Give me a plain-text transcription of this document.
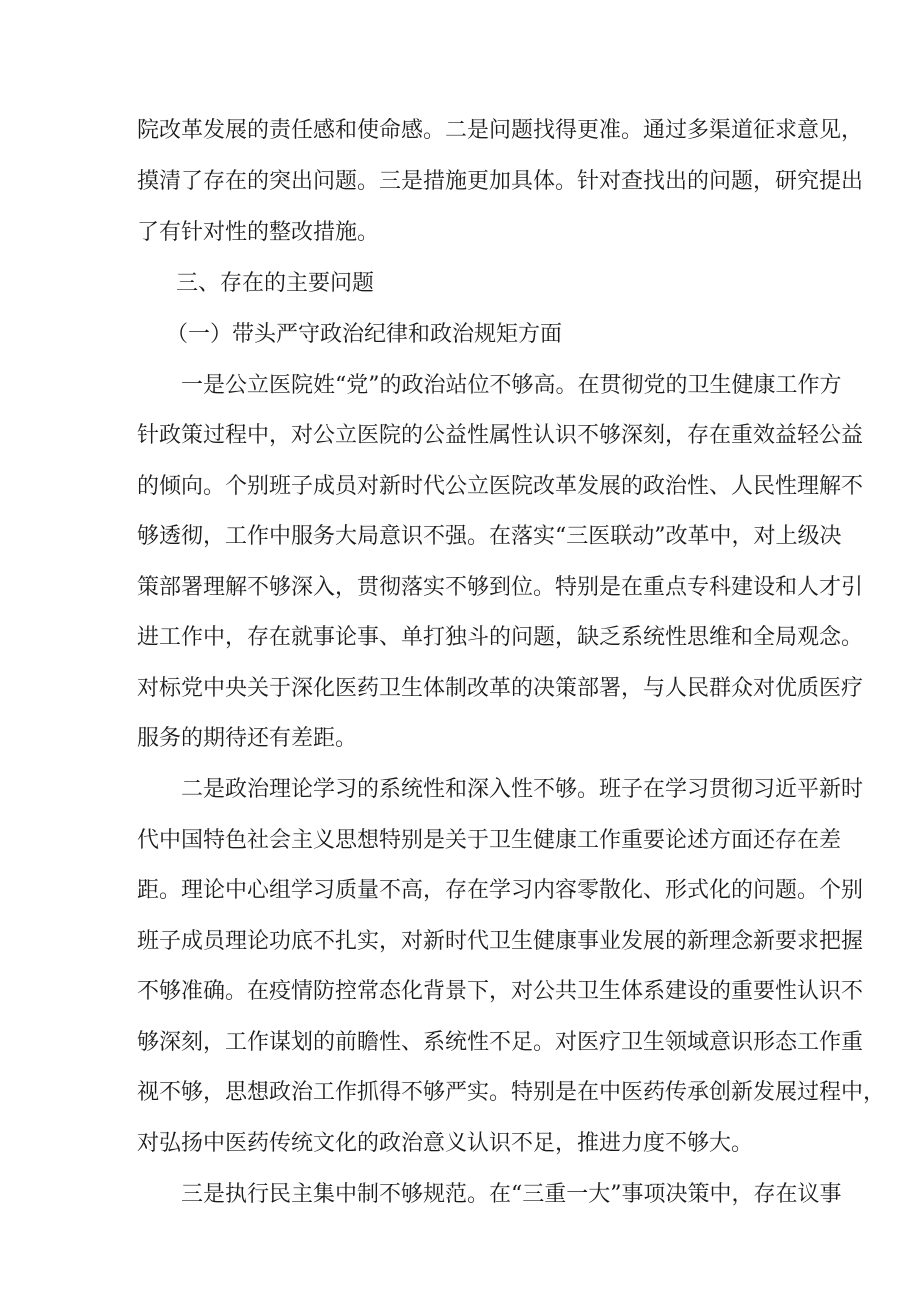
院改革发展的责任感和使命感。二是问题找得更准。通过多渠道征求意见，
摸清了存在的突出问题。三是措施更加具体。针对查找出的问题，研究提出
了有针对性的整改措施。
三、存在的主要问题
（一）带头严守政治纪律和政治规矩方面
一是公立医院姓“党”的政治站位不够高。在贯彻党的卫生健康工作方
针政策过程中，对公立医院的公益性属性认识不够深刻，存在重效益轻公益
的倾向。个别班子成员对新时代公立医院改革发展的政治性、人民性理解不
够透彻，工作中服务大局意识不强。在落实“三医联动”改革中，对上级决
策部署理解不够深入，贯彻落实不够到位。特别是在重点专科建设和人才引
进工作中，存在就事论事、单打独斗的问题，缺乏系统性思维和全局观念。
对标党中央关于深化医药卫生体制改革的决策部署，与人民群众对优质医疗
服务的期待还有差距。
二是政治理论学习的系统性和深入性不够。班子在学习贯彻习近平新时
代中国特色社会主义思想特别是关于卫生健康工作重要论述方面还存在差
距。理论中心组学习质量不高，存在学习内容零散化、形式化的问题。个别
班子成员理论功底不扎实，对新时代卫生健康事业发展的新理念新要求把握
不够准确。在疫情防控常态化背景下，对公共卫生体系建设的重要性认识不
够深刻，工作谋划的前瞻性、系统性不足。对医疗卫生领域意识形态工作重
视不够，思想政治工作抓得不够严实。特别是在中医药传承创新发展过程中，
对弘扬中医药传统文化的政治意义认识不足，推进力度不够大。
三是执行民主集中制不够规范。在“三重一大”事项决策中，存在议事
